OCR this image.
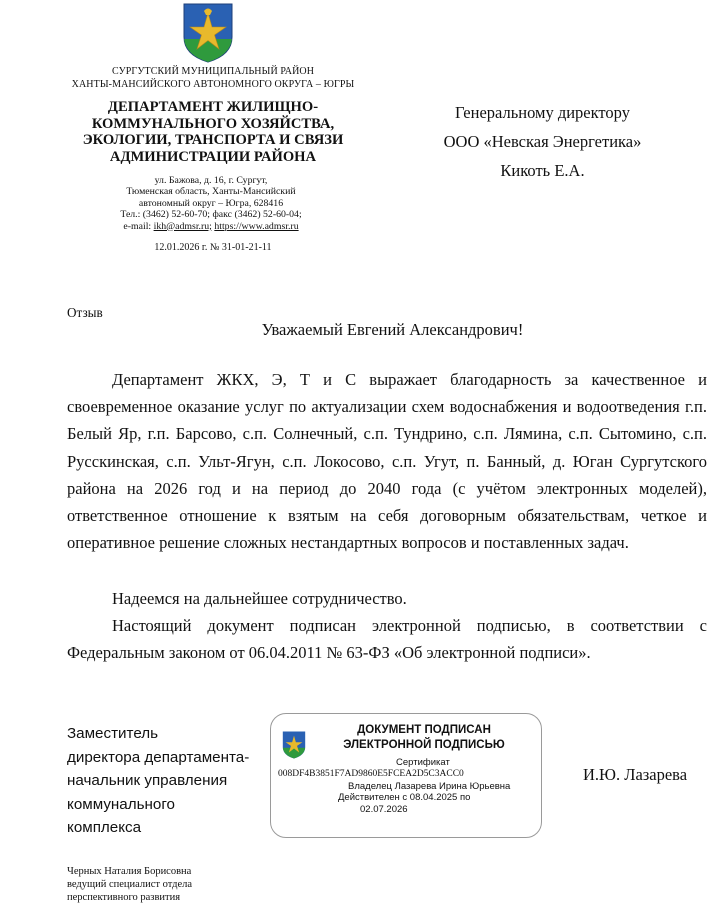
СУРГУТСКИЙ МУНИЦИПАЛЬНЫЙ РАЙОН
ХАНТЫ-МАНСИЙСКОГО АВТОНОМНОГО ОКРУГА – ЮГРЫ
ДЕПАРТАМЕНТ ЖИЛИЩНО-
КОММУНАЛЬНОГО ХОЗЯЙСТВА,
ЭКОЛОГИИ, ТРАНСПОРТА И СВЯЗИ
АДМИНИСТРАЦИИ РАЙОНА
ул. Бажова, д. 16, г. Сургут,
Тюменская область, Ханты-Мансийский
автономный округ – Югра, 628416
Тел.: (3462) 52-60-70; факс (3462) 52-60-04;
e-mail: ikh@admsr.ru; https://www.admsr.ru
12.01.2026 г. № 31-01-21-11
Генеральному директору
ООО «Невская Энергетика»
Кикоть Е.А.
Отзыв
Уважаемый Евгений Александрович!
Департамент ЖКХ, Э, Т и С выражает благодарность за качественное и своевременное оказание услуг по актуализации схем водоснабжения и водоотведения г.п. Белый Яр, г.п. Барсово, с.п. Солнечный, с.п. Тундрино, с.п. Лямина, с.п. Сытомино, с.п. Русскинская, с.п. Ульт-Ягун, с.п. Локосово, с.п. Угут, п. Банный, д. Юган Сургутского района на 2026 год и на период до 2040 года (с учётом электронных моделей), ответственное отношение к взятым на себя договорным обязательствам, четкое и оперативное решение сложных нестандартных вопросов и поставленных задач.
Надеемся на дальнейшее сотрудничество.
Настоящий документ подписан электронной подписью, в соответствии с Федеральным законом от 06.04.2011 № 63-ФЗ «Об электронной подписи».
Заместитель
директора департамента-
начальник управления
коммунального
комплекса
ДОКУМЕНТ ПОДПИСАН
ЭЛЕКТРОННОЙ ПОДПИСЬЮ
Сертификат
008DF4B3851F7AD9860E5FCEA2D5C3ACC0
Владелец Лазарева Ирина Юрьевна
Действителен с 08.04.2025 по
02.07.2026
И.Ю. Лазарева
Черных Наталия Борисовна
ведущий специалист отдела
перспективного развития
